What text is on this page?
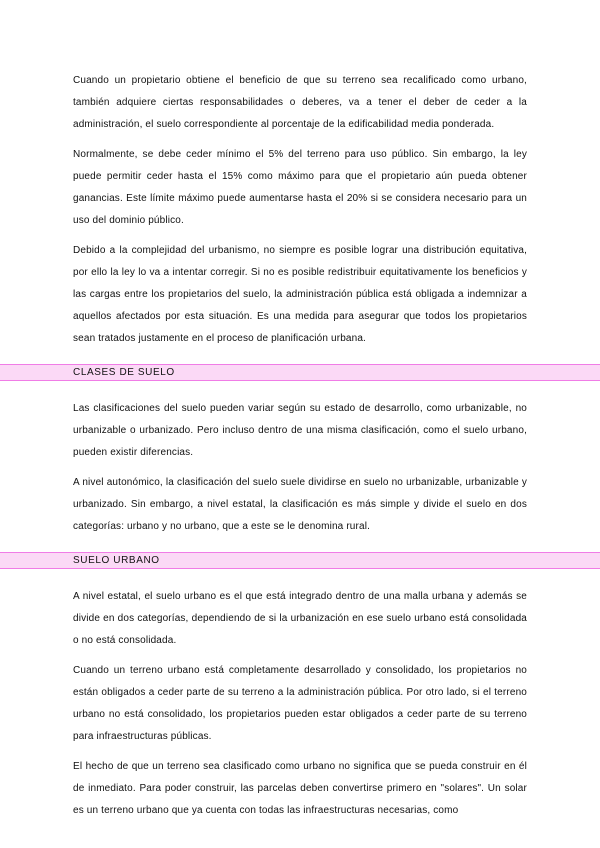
Cuando un propietario obtiene el beneficio de que su terreno sea recalificado como urbano, también adquiere ciertas responsabilidades o deberes, va a tener el deber de ceder a la administración, el suelo correspondiente al porcentaje de la edificabilidad media ponderada.

Normalmente, se debe ceder mínimo el 5% del terreno para uso público. Sin embargo, la ley puede permitir ceder hasta el 15% como máximo para que el propietario aún pueda obtener ganancias. Este límite máximo puede aumentarse hasta el 20% si se considera necesario para un uso del dominio público.

Debido a la complejidad del urbanismo, no siempre es posible lograr una distribución equitativa, por ello la ley lo va a intentar corregir. Si no es posible redistribuir equitativamente los beneficios y las cargas entre los propietarios del suelo, la administración pública está obligada a indemnizar a aquellos afectados por esta situación. Es una medida para asegurar que todos los propietarios sean tratados justamente en el proceso de planificación urbana.

CLASES DE SUELO

Las clasificaciones del suelo pueden variar según su estado de desarrollo, como urbanizable, no urbanizable o urbanizado. Pero incluso dentro de una misma clasificación, como el suelo urbano, pueden existir diferencias.

A nivel autonómico, la clasificación del suelo suele dividirse en suelo no urbanizable, urbanizable y urbanizado. Sin embargo, a nivel estatal, la clasificación es más simple y divide el suelo en dos categorías: urbano y no urbano, que a este se le denomina rural.

SUELO URBANO

A nivel estatal, el suelo urbano es el que está integrado dentro de una malla urbana y además se divide en dos categorías, dependiendo de si la urbanización en ese suelo urbano está consolidada o no está consolidada.

Cuando un terreno urbano está completamente desarrollado y consolidado, los propietarios no están obligados a ceder parte de su terreno a la administración pública. Por otro lado, si el terreno urbano no está consolidado, los propietarios pueden estar obligados a ceder parte de su terreno para infraestructuras públicas.

El hecho de que un terreno sea clasificado como urbano no significa que se pueda construir en él de inmediato. Para poder construir, las parcelas deben convertirse primero en "solares". Un solar es un terreno urbano que ya cuenta con todas las infraestructuras necesarias, como
